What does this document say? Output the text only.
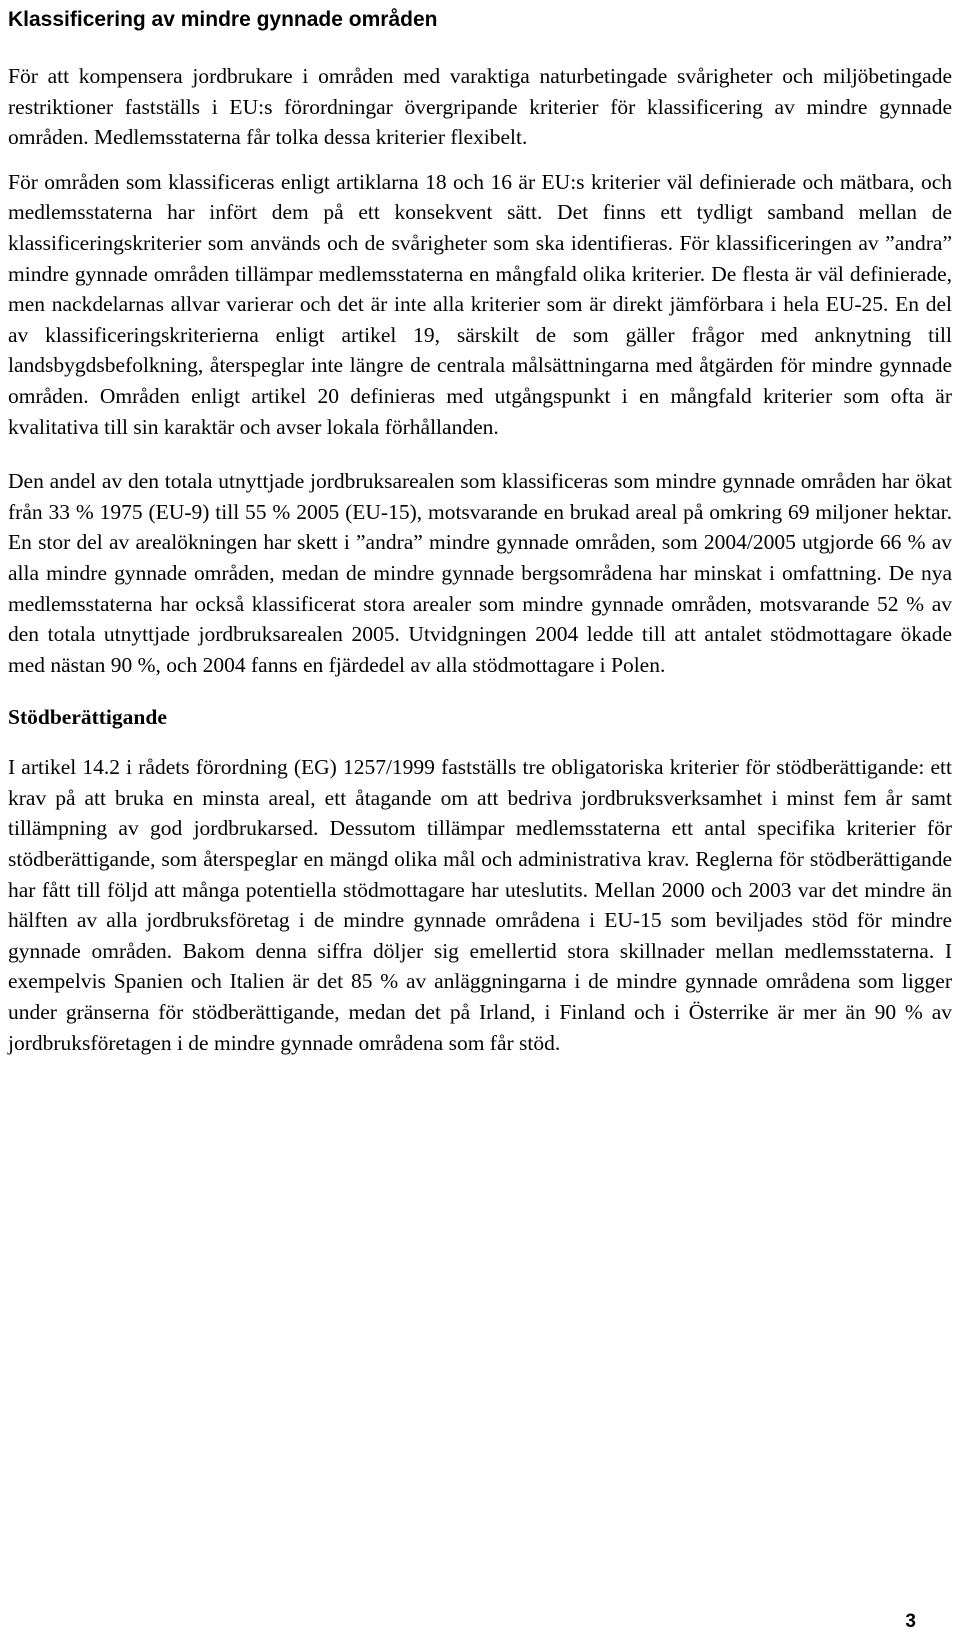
Klassificering av mindre gynnade områden

För att kompensera jordbrukare i områden med varaktiga naturbetingade svårigheter och miljöbetingade restriktioner fastställs i EU:s förordningar övergripande kriterier för klassificering av mindre gynnade områden. Medlemsstaterna får tolka dessa kriterier flexibelt.

För områden som klassificeras enligt artiklarna 18 och 16 är EU:s kriterier väl definierade och mätbara, och medlemsstaterna har infört dem på ett konsekvent sätt. Det finns ett tydligt samband mellan de klassificeringskriterier som används och de svårigheter som ska identifieras. För klassificeringen av ”andra” mindre gynnade områden tillämpar medlemsstaterna en mångfald olika kriterier. De flesta är väl definierade, men nackdelarnas allvar varierar och det är inte alla kriterier som är direkt jämförbara i hela EU-25. En del av klassificeringskriterierna enligt artikel 19, särskilt de som gäller frågor med anknytning till landsbygdsbefolkning, återspeglar inte längre de centrala målsättningarna med åtgärden för mindre gynnade områden. Områden enligt artikel 20 definieras med utgångspunkt i en mångfald kriterier som ofta är kvalitativa till sin karaktär och avser lokala förhållanden.

Den andel av den totala utnyttjade jordbruksarealen som klassificeras som mindre gynnade områden har ökat från 33 % 1975 (EU-9) till 55 % 2005 (EU-15), motsvarande en brukad areal på omkring 69 miljoner hektar. En stor del av arealökningen har skett i ”andra” mindre gynnade områden, som 2004/2005 utgjorde 66 % av alla mindre gynnade områden, medan de mindre gynnade bergsområdena har minskat i omfattning. De nya medlemsstaterna har också klassificerat stora arealer som mindre gynnade områden, motsvarande 52 % av den totala utnyttjade jordbruksarealen 2005. Utvidgningen 2004 ledde till att antalet stödmottagare ökade med nästan 90 %, och 2004 fanns en fjärdedel av alla stödmottagare i Polen.

Stödberättigande

I artikel 14.2 i rådets förordning (EG) 1257/1999 fastställs tre obligatoriska kriterier för stödberättigande: ett krav på att bruka en minsta areal, ett åtagande om att bedriva jordbruksverksamhet i minst fem år samt tillämpning av god jordbrukarsed. Dessutom tillämpar medlemsstaterna ett antal specifika kriterier för stödberättigande, som återspeglar en mängd olika mål och administrativa krav. Reglerna för stödberättigande har fått till följd att många potentiella stödmottagare har uteslutits. Mellan 2000 och 2003 var det mindre än hälften av alla jordbruksföretag i de mindre gynnade områdena i EU-15 som beviljades stöd för mindre gynnade områden. Bakom denna siffra döljer sig emellertid stora skillnader mellan medlemsstaterna. I exempelvis Spanien och Italien är det 85 % av anläggningarna i de mindre gynnade områdena som ligger under gränserna för stödberättigande, medan det på Irland, i Finland och i Österrike är mer än 90 % av jordbruksföretagen i de mindre gynnade områdena som får stöd.

3
